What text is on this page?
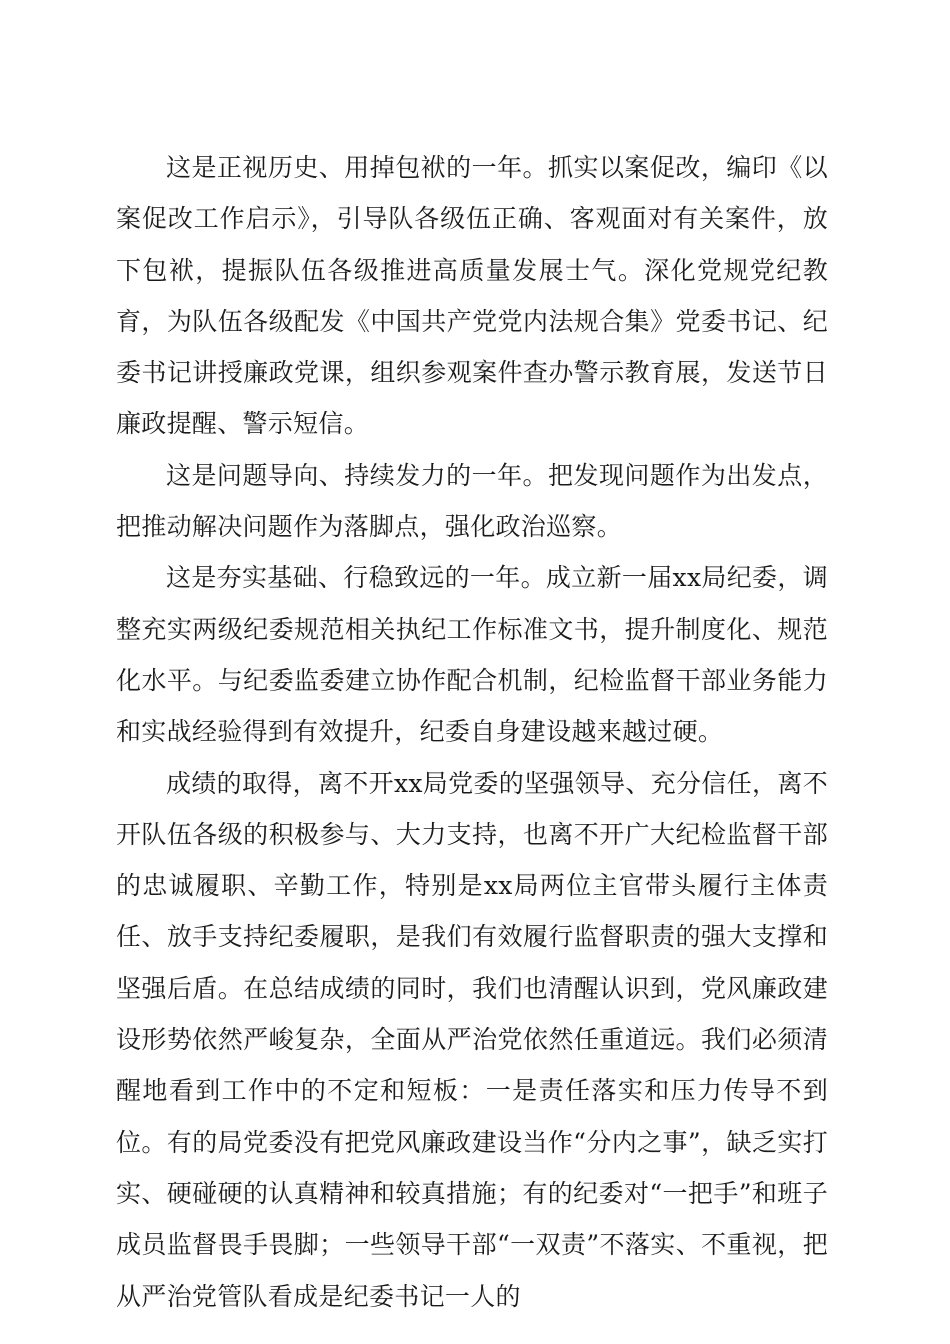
这是正视历史、用掉包袱的一年。抓实以案促改，编印《以案促改工作启示》，引导队各级伍正确、客观面对有关案件，放下包袱，提振队伍各级推进高质量发展士气。深化党规党纪教育，为队伍各级配发《中国共产党党内法规合集》党委书记、纪委书记讲授廉政党课，组织参观案件查办警示教育展，发送节日廉政提醒、警示短信。

这是问题导向、持续发力的一年。把发现问题作为出发点，把推动解决问题作为落脚点，强化政治巡察。

这是夯实基础、行稳致远的一年。成立新一届xx局纪委，调整充实两级纪委规范相关执纪工作标准文书，提升制度化、规范化水平。与纪委监委建立协作配合机制，纪检监督干部业务能力和实战经验得到有效提升，纪委自身建设越来越过硬。

成绩的取得，离不开xx局党委的坚强领导、充分信任，离不开队伍各级的积极参与、大力支持，也离不开广大纪检监督干部的忠诚履职、辛勤工作，特别是xx局两位主官带头履行主体责任、放手支持纪委履职，是我们有效履行监督职责的强大支撑和坚强后盾。在总结成绩的同时，我们也清醒认识到，党风廉政建设形势依然严峻复杂，全面从严治党依然任重道远。我们必须清醒地看到工作中的不定和短板：一是责任落实和压力传导不到位。有的局党委没有把党风廉政建设当作“分内之事”，缺乏实打实、硬碰硬的认真精神和较真措施；有的纪委对“一把手”和班子成员监督畏手畏脚；一些领导干部“一双责”不落实、不重视，把从严治党管队看成是纪委书记一人的
